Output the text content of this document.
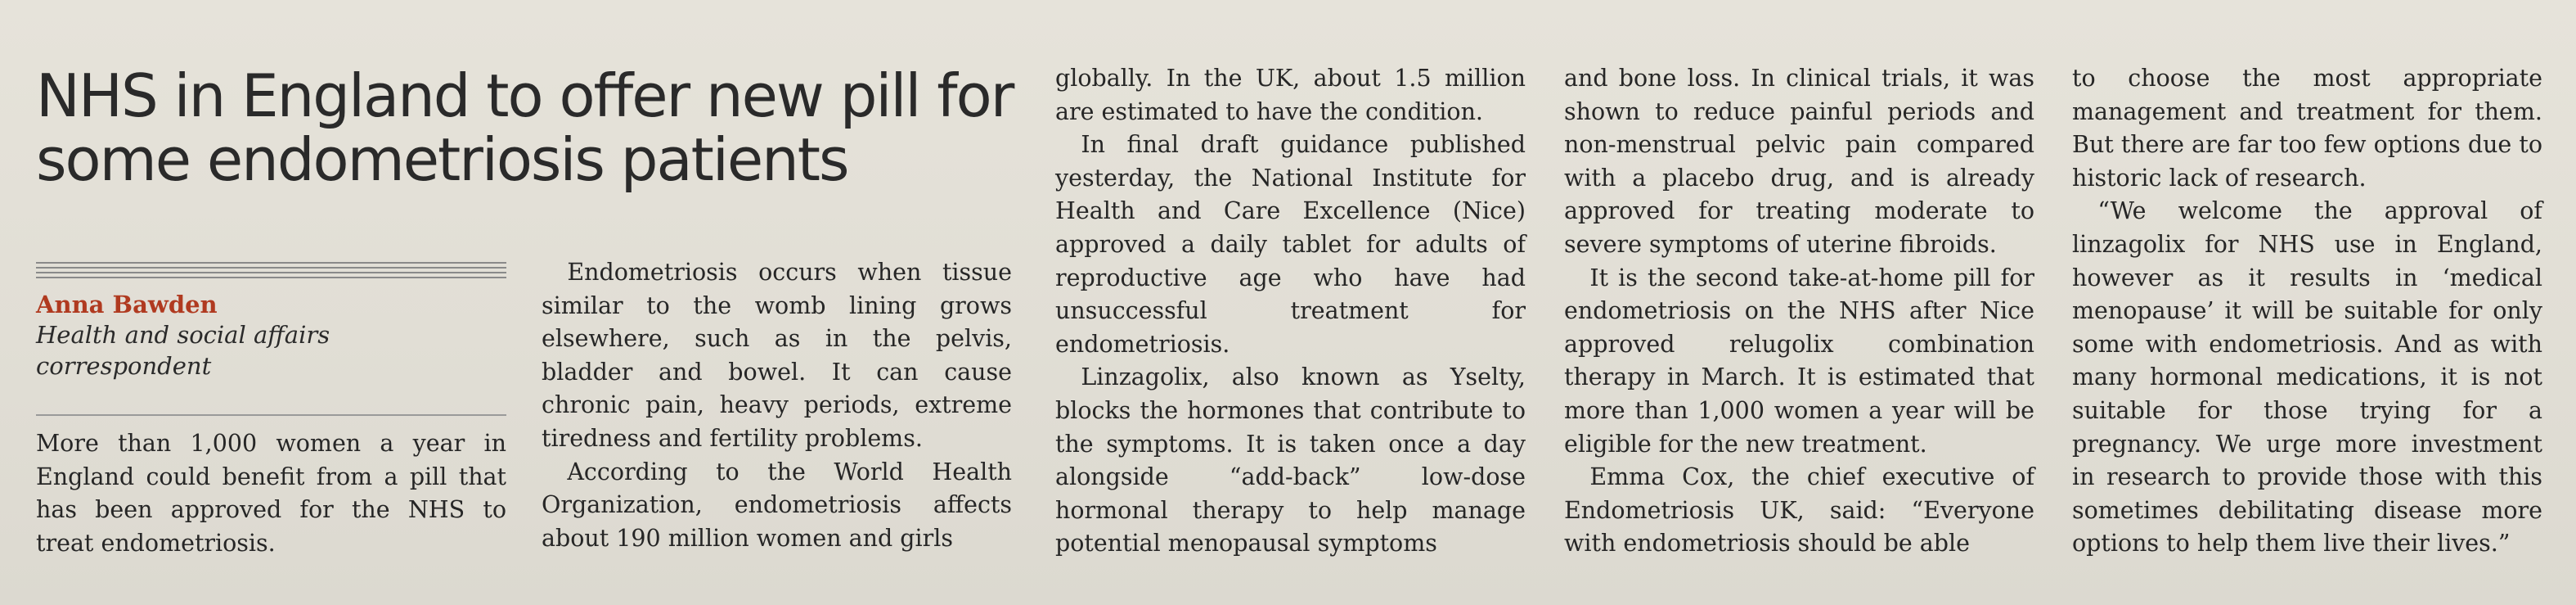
NHS in England to offer new pill for some endometriosis patients

Anna Bawden

Health and social affairs correspondent

More than 1,000 women a year in England could benefit from a pill that has been approved for the NHS to treat endometriosis.

Endometriosis occurs when tissue similar to the womb lining grows elsewhere, such as in the pelvis, bladder and bowel. It can cause chronic pain, heavy periods, extreme tiredness and fertility problems.

According to the World Health Organization, endometriosis affects about 190 million women and girls

globally. In the UK, about 1.5 million are estimated to have the condition.

In final draft guidance published yesterday, the National Institute for Health and Care Excellence (Nice) approved a daily tablet for adults of reproductive age who have had unsuccessful treatment for endometriosis.

Linzagolix, also known as Yselty, blocks the hormones that contribute to the symptoms. It is taken once a day alongside “add-back” low-dose hormonal therapy to help manage potential menopausal symptoms

and bone loss. In clinical trials, it was shown to reduce painful periods and non-menstrual pelvic pain compared with a placebo drug, and is already approved for treating moderate to severe symptoms of uterine fibroids.

It is the second take-at-home pill for endometriosis on the NHS after Nice approved relugolix combination therapy in March. It is estimated that more than 1,000 women a year will be eligible for the new treatment.

Emma Cox, the chief executive of Endometriosis UK, said: “Everyone with endometriosis should be able

to choose the most appropriate management and treatment for them. But there are far too few options due to historic lack of research.

“We welcome the approval of linzagolix for NHS use in England, however as it results in ‘medical menopause’ it will be suitable for only some with endometriosis. And as with many hormonal medications, it is not suitable for those trying for a pregnancy. We urge more investment in research to provide those with this sometimes debilitating disease more options to help them live their lives.”
